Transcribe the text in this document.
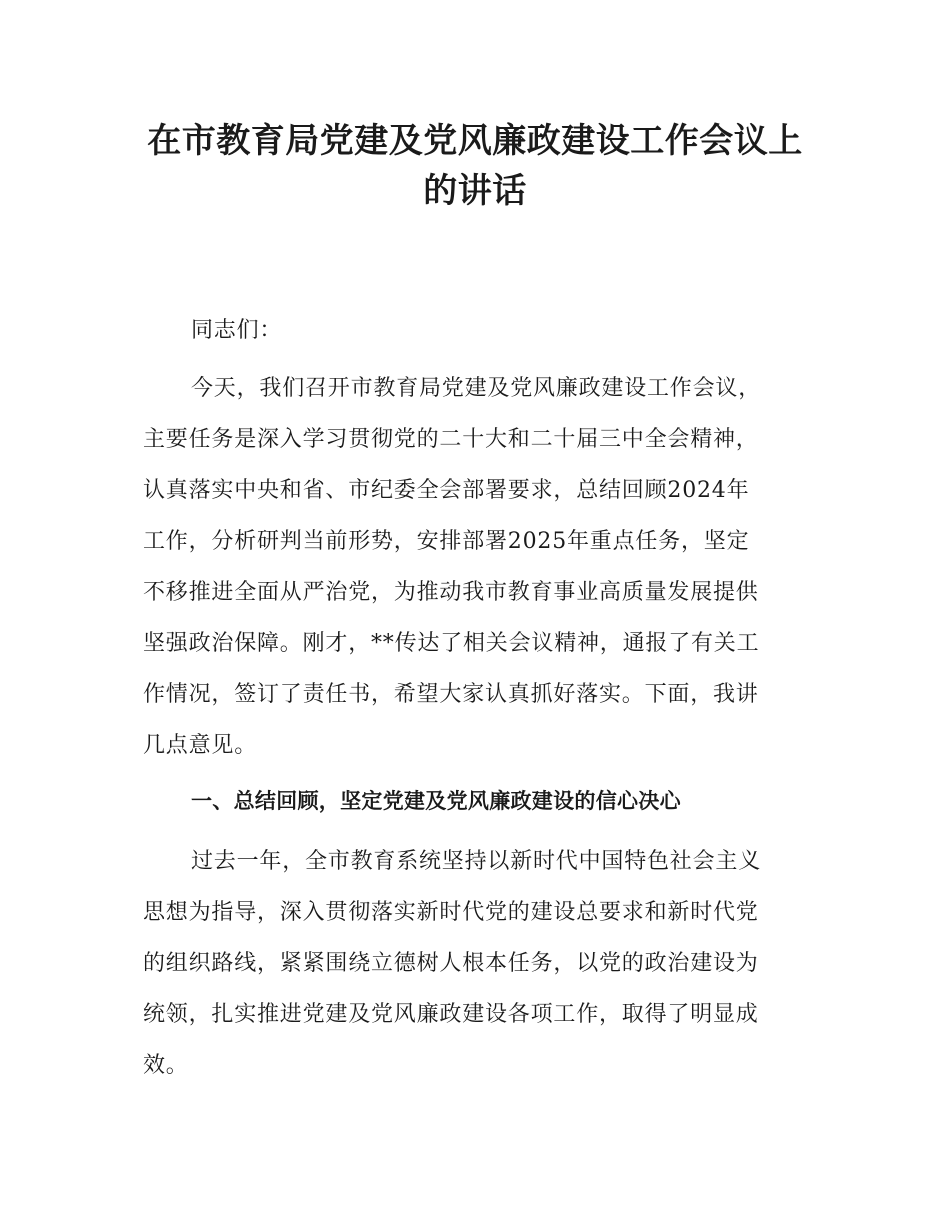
在市教育局党建及党风廉政建设工作会议上
的讲话

同志们：

今天，我们召开市教育局党建及党风廉政建设工作会议，
主要任务是深入学习贯彻党的二十大和二十届三中全会精神，
认真落实中央和省、市纪委全会部署要求，总结回顾2024年
工作，分析研判当前形势，安排部署2025年重点任务，坚定
不移推进全面从严治党，为推动我市教育事业高质量发展提供
坚强政治保障。刚才，**传达了相关会议精神，通报了有关工
作情况，签订了责任书，希望大家认真抓好落实。下面，我讲
几点意见。

一、总结回顾，坚定党建及党风廉政建设的信心决心

过去一年，全市教育系统坚持以新时代中国特色社会主义
思想为指导，深入贯彻落实新时代党的建设总要求和新时代党
的组织路线，紧紧围绕立德树人根本任务，以党的政治建设为
统领，扎实推进党建及党风廉政建设各项工作，取得了明显成
效。
